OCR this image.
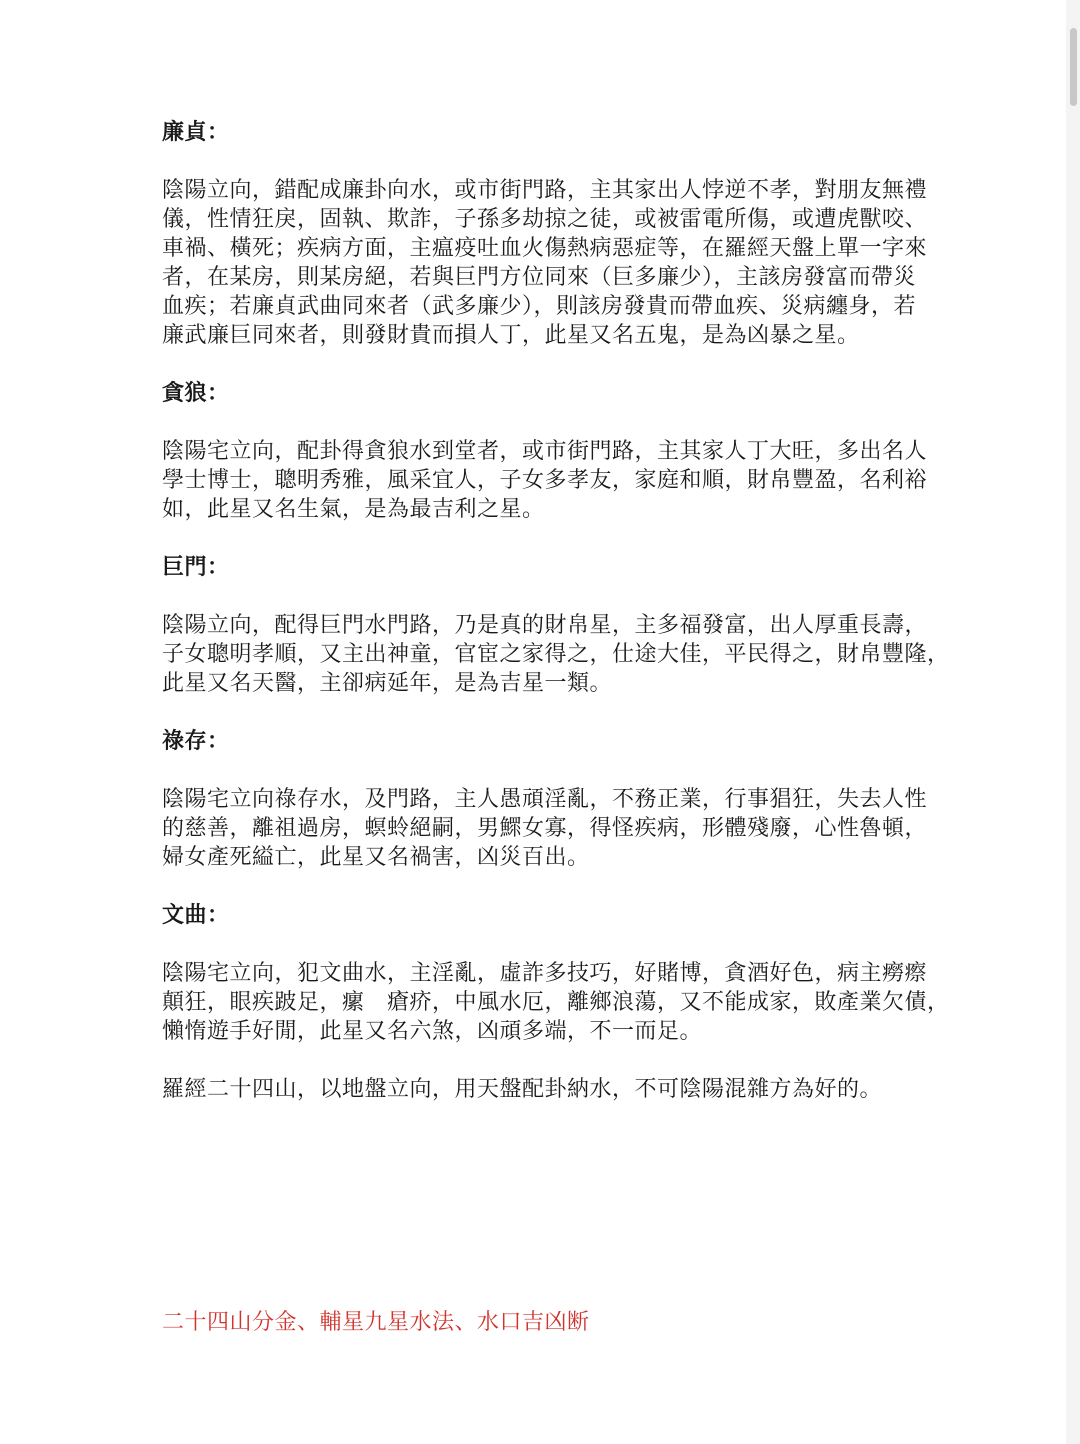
廉貞：

陰陽立向，錯配成廉卦向水，或市街門路，主其家出人悖逆不孝，對朋友無禮
儀，性情狂戾，固執、欺詐，子孫多劫掠之徒，或被雷電所傷，或遭虎獸咬、
車禍、橫死；疾病方面，主瘟疫吐血火傷熱病惡症等，在羅經天盤上單一字來
者，在某房，則某房絕，若與巨門方位同來（巨多廉少），主該房發富而帶災
血疾；若廉貞武曲同來者（武多廉少），則該房發貴而帶血疾、災病纏身，若
廉武廉巨同來者，則發財貴而損人丁，此星又名五鬼，是為凶暴之星。

貪狼：

陰陽宅立向，配卦得貪狼水到堂者，或市街門路，主其家人丁大旺，多出名人
學士博士，聰明秀雅，風采宜人，子女多孝友，家庭和順，財帛豐盈，名利裕
如，此星又名生氣，是為最吉利之星。

巨門：

陰陽立向，配得巨門水門路，乃是真的財帛星，主多福發富，出人厚重長壽，
子女聰明孝順，又主出神童，官宦之家得之，仕途大佳，平民得之，財帛豐隆，
此星又名天醫，主卻病延年，是為吉星一類。

祿存：

陰陽宅立向祿存水，及門路，主人愚頑淫亂，不務正業，行事猖狂，失去人性
的慈善，離祖過房，螟蛉絕嗣，男鰥女寡，得怪疾病，形體殘廢，心性魯頓，
婦女產死縊亡，此星又名禍害，凶災百出。

文曲：

陰陽宅立向，犯文曲水，主淫亂，虛詐多技巧，好賭博，貪酒好色，病主癆瘵
顛狂，眼疾跛足，瘰　瘡疥，中風水厄，離鄉浪蕩，又不能成家，敗產業欠債，
懶惰遊手好閒，此星又名六煞，凶頑多端，不一而足。

羅經二十四山，以地盤立向，用天盤配卦納水，不可陰陽混雜方為好的。

二十四山分金、輔星九星水法、水口吉凶断
